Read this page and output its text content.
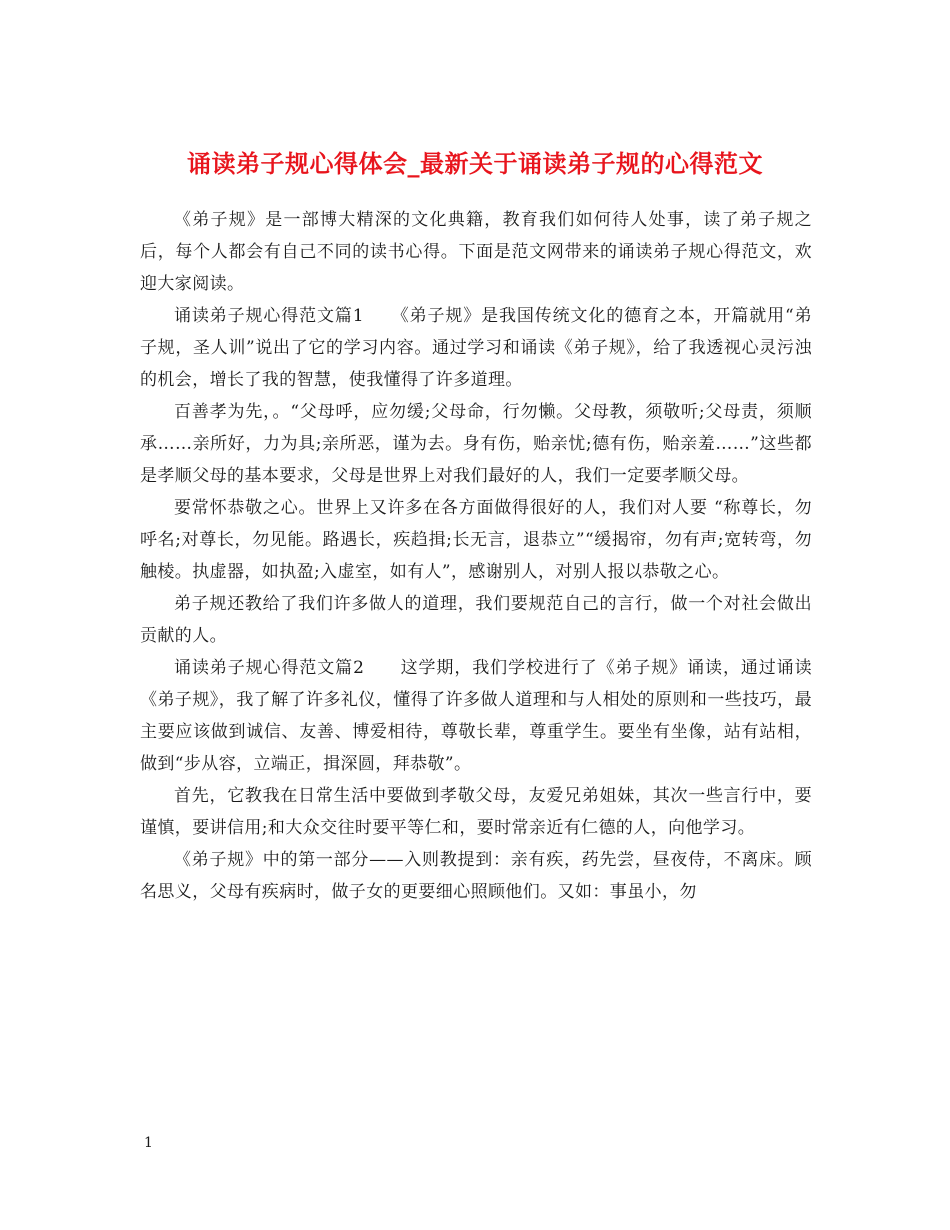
诵读弟子规心得体会_最新关于诵读弟子规的心得范文

《弟子规》是一部博大精深的文化典籍，教育我们如何待人处事，读了弟子规之后，每个人都会有自己不同的读书心得。下面是范文网带来的诵读弟子规心得范文，欢迎大家阅读。

诵读弟子规心得范文篇1　　《弟子规》是我国传统文化的德育之本，开篇就用“弟子规，圣人训”说出了它的学习内容。通过学习和诵读《弟子规》，给了我透视心灵污浊的机会，增长了我的智慧，使我懂得了许多道理。

百善孝为先，。“父母呼，应勿缓;父母命，行勿懒。父母教，须敬听;父母责，须顺承……亲所好，力为具;亲所恶，谨为去。身有伤，贻亲忧;德有伤，贻亲羞……”这些都是孝顺父母的基本要求，父母是世界上对我们最好的人，我们一定要孝顺父母。

要常怀恭敬之心。世界上又许多在各方面做得很好的人，我们对人要 “称尊长，勿呼名;对尊长，勿见能。路遇长，疾趋揖;长无言，退恭立”“缓揭帘，勿有声;宽转弯，勿触棱。执虚器，如执盈;入虚室，如有人”，感谢别人，对别人报以恭敬之心。

弟子规还教给了我们许多做人的道理，我们要规范自己的言行，做一个对社会做出贡献的人。

诵读弟子规心得范文篇2　　这学期，我们学校进行了《弟子规》诵读，通过诵读《弟子规》，我了解了许多礼仪，懂得了许多做人道理和与人相处的原则和一些技巧，最主要应该做到诚信、友善、博爱相待，尊敬长辈，尊重学生。要坐有坐像，站有站相，做到“步从容，立端正，揖深圆，拜恭敬”。

首先，它教我在日常生活中要做到孝敬父母，友爱兄弟姐妹，其次一些言行中，要谨慎，要讲信用;和大众交往时要平等仁和，要时常亲近有仁德的人，向他学习。

《弟子规》中的第一部分——入则教提到：亲有疾，药先尝，昼夜侍，不离床。顾名思义，父母有疾病时，做子女的更要细心照顾他们。又如：事虽小，勿

1
